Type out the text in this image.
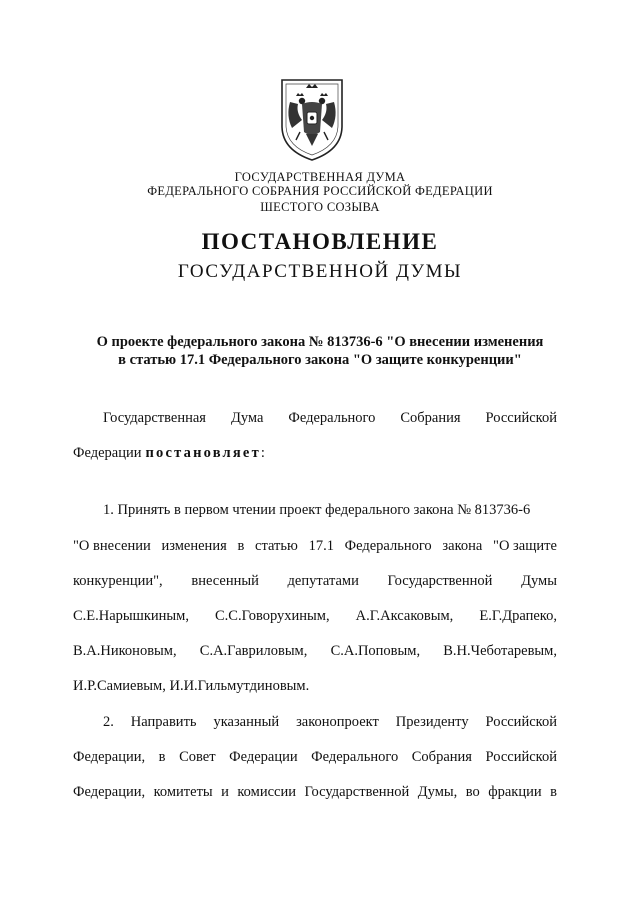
ГОСУДАРСТВЕННАЯ ДУМА
ФЕДЕРАЛЬНОГО СОБРАНИЯ РОССИЙСКОЙ ФЕДЕРАЦИИ
ШЕСТОГО СОЗЫВА
ПОСТАНОВЛЕНИЕ
ГОСУДАРСТВЕННОЙ ДУМЫ
О проекте федерального закона № 813736-6 "О внесении изменения
в статью 17.1 Федерального закона "О защите конкуренции"
Государственная Дума Федерального Собрания Российской
Федерации постановляет :
1. Принять в первом чтении проект федерального закона № 813736-6
"О внесении изменения в статью 17.1 Федерального закона "О защите
конкуренции", внесенный депутатами Государственной Думы
С.Е.Нарышкиным, С.С.Говорухиным, А.Г.Аксаковым, Е.Г.Драпеко,
В.А.Никоновым, С.А.Гавриловым, С.А.Поповым, В.Н.Чеботаревым,
И.Р.Самиевым, И.И.Гильмутдиновым.
2. Направить указанный законопроект Президенту Российской
Федерации, в Совет Федерации Федерального Собрания Российской
Федерации, комитеты и комиссии Государственной Думы, во фракции в
